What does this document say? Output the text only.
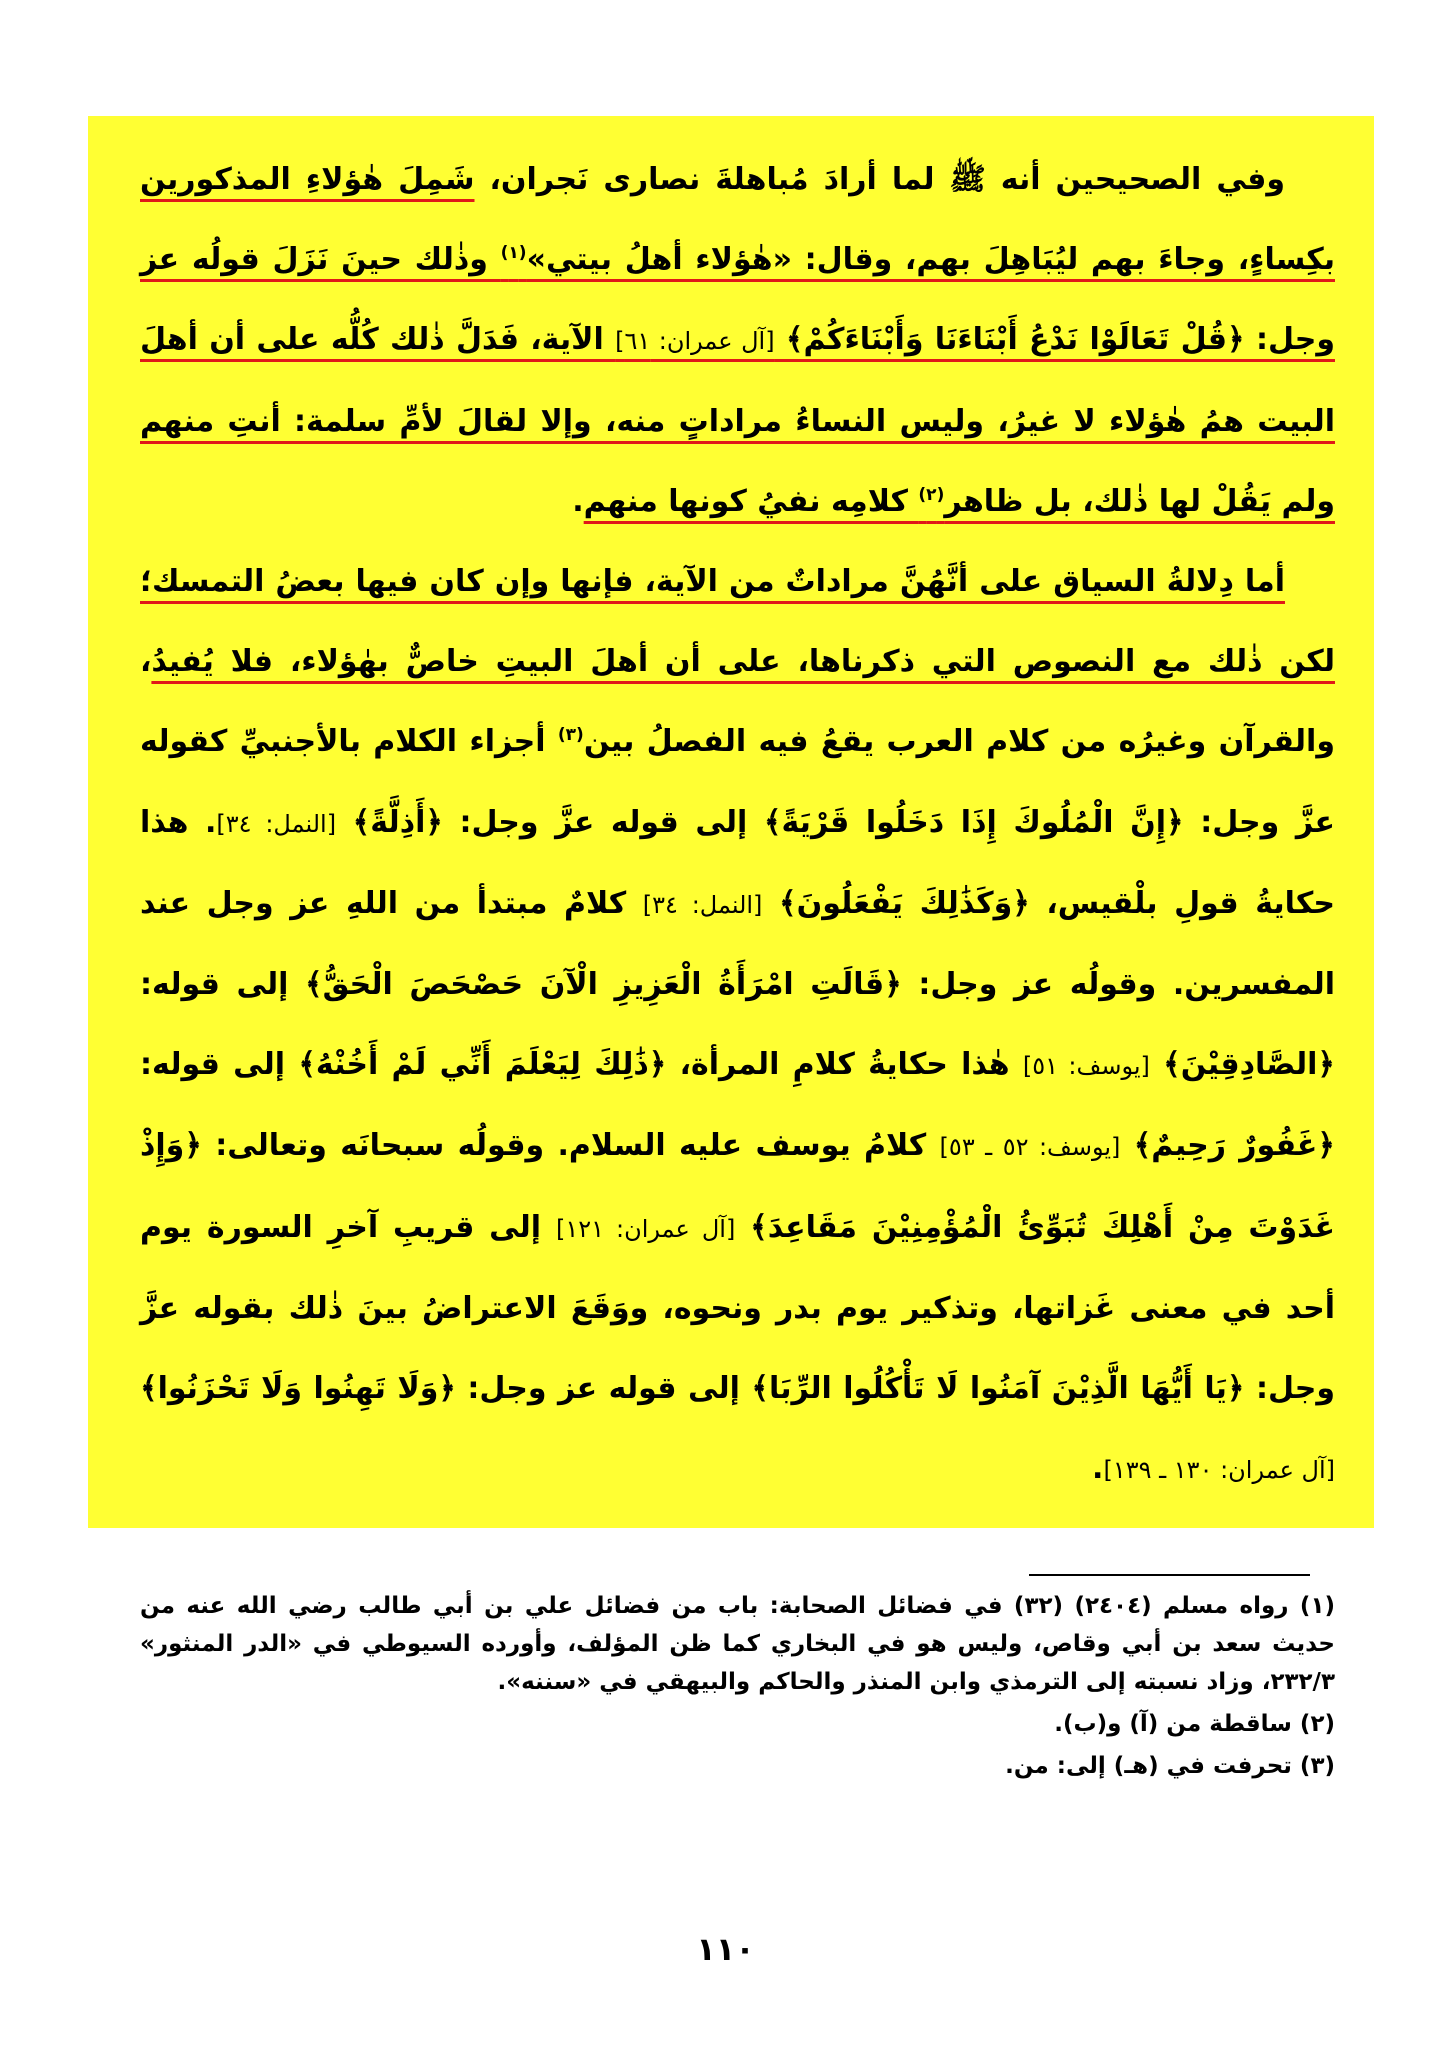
وفي الصحيحين أنه ﷺ لما أرادَ مُباهلةَ نصارى نَجران، شَمِلَ هٰؤلاءِ المذكورين بكِساءٍ، وجاءَ بهم ليُبَاهِلَ بهم، وقال: «هٰؤلاء أهلُ بيتي»$^{(١)}$ وذٰلك حينَ نَزَلَ قولُه عز وجل: ﴿قُلْ تَعَالَوْا نَدْعُ أَبْنَاءَنَا وَأَبْنَاءَكُمْ﴾ [آل عمران: ٦١] الآية، فَدَلَّ ذٰلك كُلُّه على أن أهلَ البيت همُ هٰؤلاء لا غيرُ، وليس النساءُ مراداتٍ منه، وإلا لقالَ لأمِّ سلمة: أنتِ منهم ولم يَقُلْ لها ذٰلك، بل ظاهر$^{(٢)}$ كلامِه نفيُ كونها منهم.

أما دِلالةُ السياق على أنَّهُنَّ مراداتٌ من الآية، فإنها وإن كان فيها بعضُ التمسك؛ لكن ذٰلك مع النصوص التي ذكرناها، على أن أهلَ البيتِ خاصٌّ بهٰؤلاء، فلا يُفيدُ، والقرآن وغيرُه من كلام العرب يقعُ فيه الفصلُ بين$^{(٣)}$ أجزاء الكلام بالأجنبيِّ كقوله عزَّ وجل: ﴿إِنَّ الْمُلُوكَ إِذَا دَخَلُوا قَرْيَةً﴾ إلى قوله عزَّ وجل: ﴿أَذِلَّةً﴾ [النمل: ٣٤]. هذا حكايةُ قولِ بلْقيس، ﴿وَكَذَٰلِكَ يَفْعَلُونَ﴾ [النمل: ٣٤] كلامٌ مبتدأ من اللهِ عز وجل عند المفسرين. وقولُه عز وجل: ﴿قَالَتِ امْرَأَةُ الْعَزِيزِ الْآنَ حَصْحَصَ الْحَقُّ﴾ إلى قوله: ﴿الصَّادِقِيْنَ﴾ [يوسف: ٥١] هٰذا حكايةُ كلامِ المرأة، ﴿ذَٰلِكَ لِيَعْلَمَ أَنِّي لَمْ أَخُنْهُ﴾ إلى قوله: ﴿غَفُورٌ رَحِيمٌ﴾ [يوسف: ٥٢ ـ ٥٣] كلامُ يوسف عليه السلام. وقولُه سبحانَه وتعالى: ﴿وَإِذْ غَدَوْتَ مِنْ أَهْلِكَ تُبَوِّئُ الْمُؤْمِنِيْنَ مَقَاعِدَ﴾ [آل عمران: ١٢١] إلى قريبِ آخرِ السورة يوم أحد في معنى غَزاتها، وتذكير يوم بدر ونحوه، ووَقَعَ الاعتراضُ بينَ ذٰلك بقوله عزَّ وجل: ﴿يَا أَيُّهَا الَّذِيْنَ آمَنُوا لَا تَأْكُلُوا الرِّبَا﴾ إلى قوله عز وجل: ﴿وَلَا تَهِنُوا وَلَا تَحْزَنُوا﴾ [آل عمران: ١٣٠ ـ ١٣٩].

(١) رواه مسلم (٢٤٠٤) (٣٢) في فضائل الصحابة: باب من فضائل علي بن أبي طالب رضي الله عنه من حديث سعد بن أبي وقاص، وليس هو في البخاري كما ظن المؤلف، وأورده السيوطي في «الدر المنثور» ٢٣٢/٣، وزاد نسبته إلى الترمذي وابن المنذر والحاكم والبيهقي في «سننه».

(٢) ساقطة من (آ) و(ب).

(٣) تحرفت في (هـ) إلى: من.

١١٠
